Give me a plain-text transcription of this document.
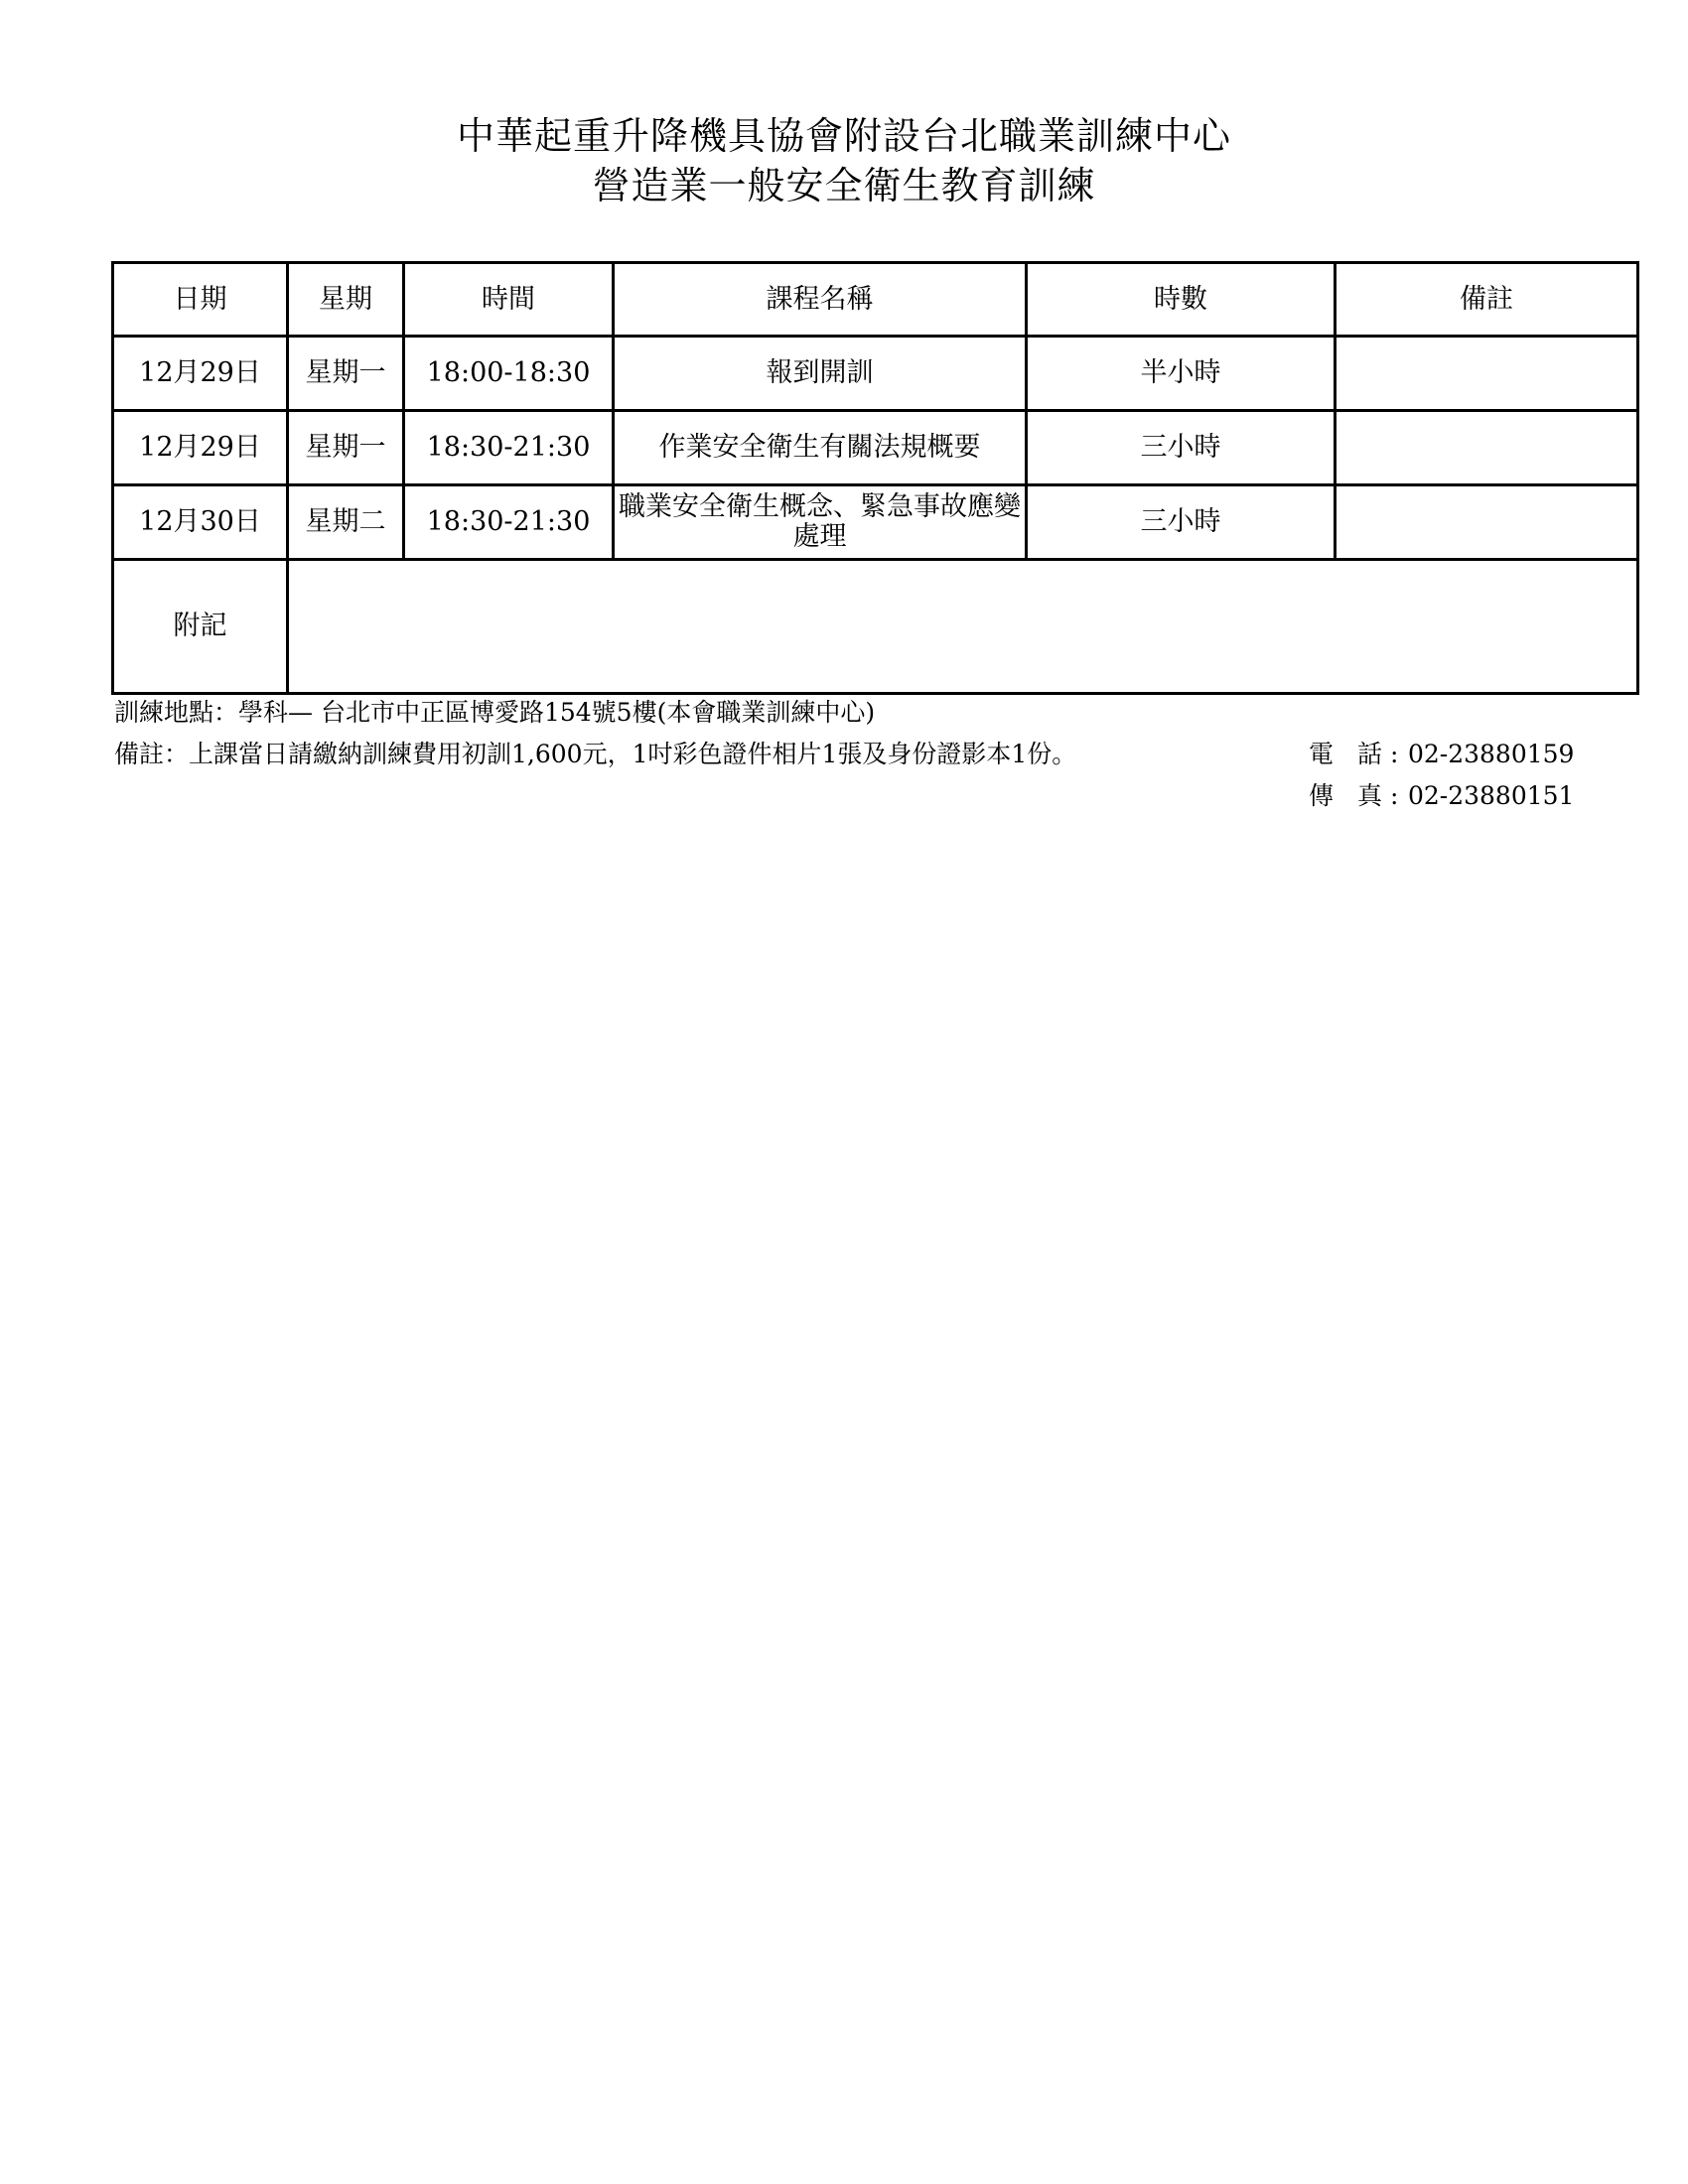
中華起重升降機具協會附設台北職業訓練中心
營造業一般安全衛生教育訓練
日期	星期	時間	課程名稱	時數	備註
12月29日	星期一	18:00-18:30	報到開訓	半小時	
12月29日	星期一	18:30-21:30	作業安全衛生有關法規概要	三小時	
12月30日	星期二	18:30-21:30	職業安全衛生概念、緊急事故應變處理	三小時	
附記					
訓練地點：學科— 台北市中正區博愛路154號5樓(本會職業訓練中心)
備註：上課當日請繳納訓練費用初訓1,600元，1吋彩色證件相片1張及身份證影本1份。	電 話: 02-23880159
傳 真: 02-23880151
